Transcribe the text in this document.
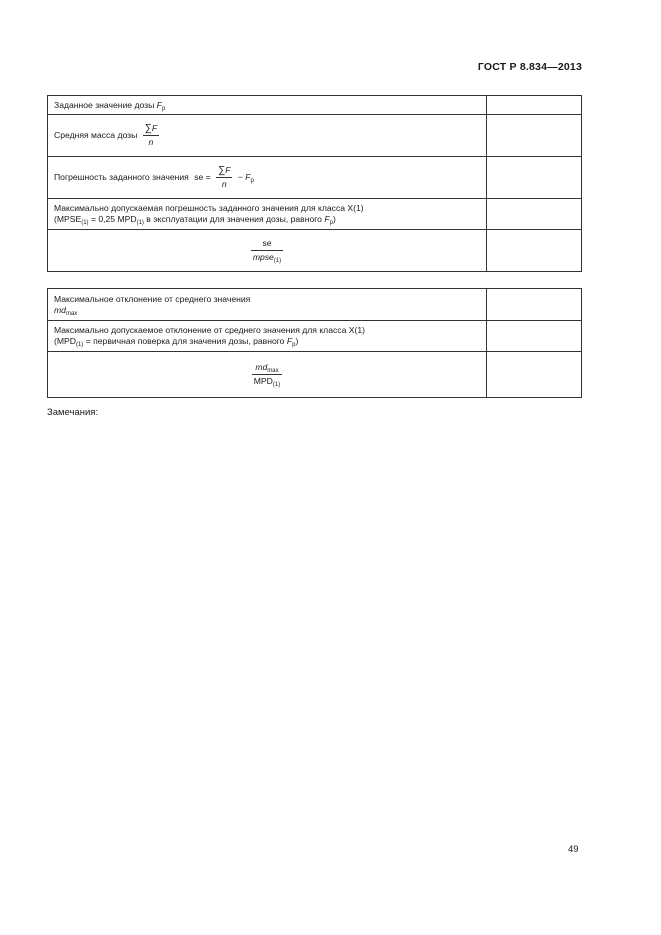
ГОСТ Р 8.834—2013
Заданное значение дозы $F_p$	
Средняя масса дозы $\frac{\sum F}{n}$

Погрешность заданного значения se = $\frac{\sum F}{n} - F_p$	

Максимально допускаемая погрешность заданного значения для класса Х(1)
($MPSE_{(1)} = 0,25$ $MPD_{(1)}$ в эксплуатации для значения дозы, равного $F_p$)	

$\frac{se}{mpse_{(1)}}$

Максимальное отклонение от среднего значения
$md_{max}$

Максимально допускаемое отклонение от среднего значения для класса Х(1)
($MPD_{(1)}$ = первичная поверка для значения дозы, равного $F_p$)	

$\frac{md_{max}}{MPD_{(1)}}$

Замечания:
49
